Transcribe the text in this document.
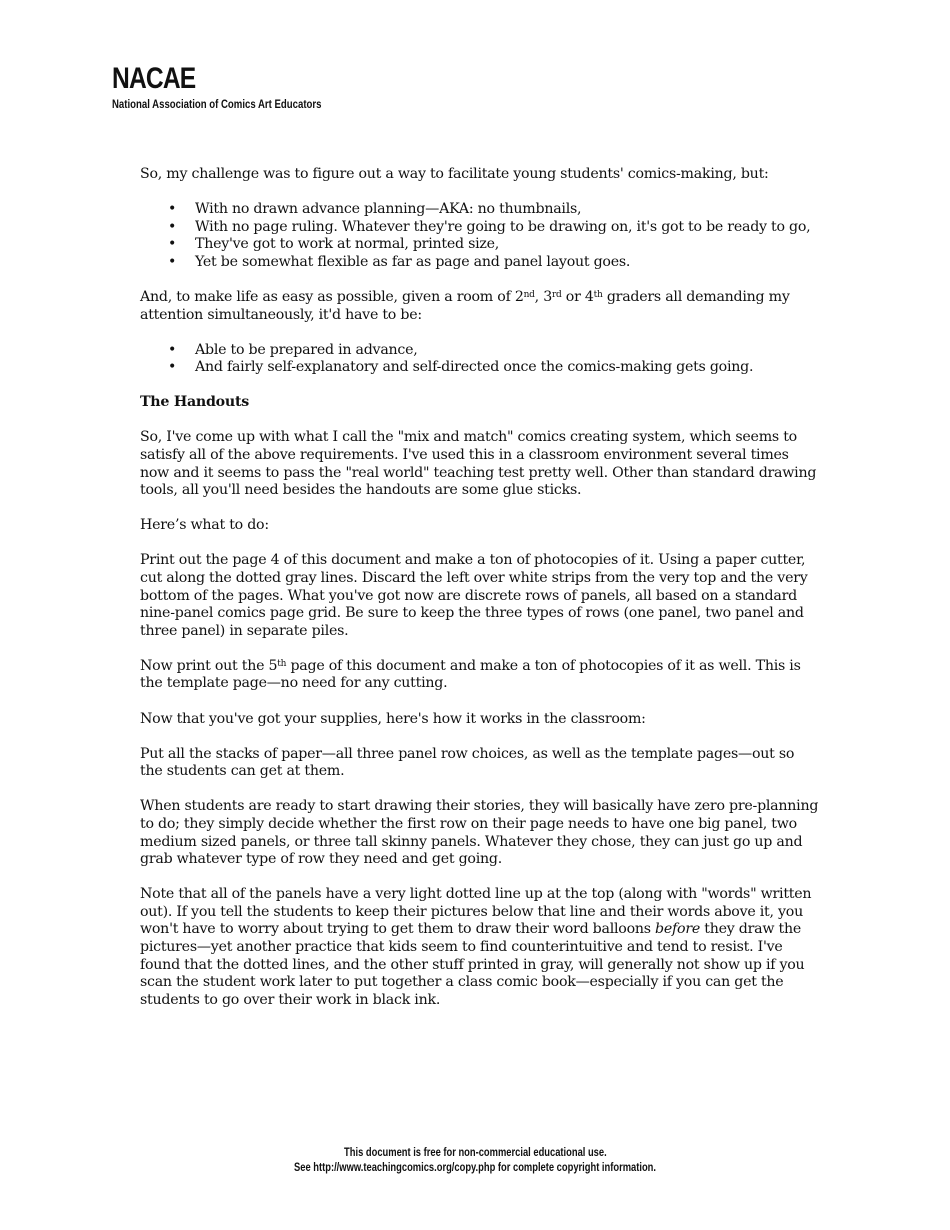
NACAE
National Association of Comics Art Educators

So, my challenge was to figure out a way to facilitate young students' comics-making, but:

• With no drawn advance planning—AKA: no thumbnails,
• With no page ruling. Whatever they're going to be drawing on, it's got to be ready to go,
• They've got to work at normal, printed size,
• Yet be somewhat flexible as far as page and panel layout goes.

And, to make life as easy as possible, given a room of 2nd, 3rd or 4th graders all demanding my attention simultaneously, it'd have to be:

• Able to be prepared in advance,
• And fairly self-explanatory and self-directed once the comics-making gets going.
The Handouts

So, I've come up with what I call the "mix and match" comics creating system, which seems to satisfy all of the above requirements. I've used this in a classroom environment several times now and it seems to pass the "real world" teaching test pretty well. Other than standard drawing tools, all you'll need besides the handouts are some glue sticks.

Here’s what to do:

Print out the page 4 of this document and make a ton of photocopies of it. Using a paper cutter, cut along the dotted gray lines. Discard the left over white strips from the very top and the very bottom of the pages. What you've got now are discrete rows of panels, all based on a standard nine-panel comics page grid. Be sure to keep the three types of rows (one panel, two panel and three panel) in separate piles.

Now print out the 5th page of this document and make a ton of photocopies of it as well. This is the template page—no need for any cutting.

Now that you've got your supplies, here's how it works in the classroom:

Put all the stacks of paper—all three panel row choices, as well as the template pages—out so the students can get at them.

When students are ready to start drawing their stories, they will basically have zero pre-planning to do; they simply decide whether the first row on their page needs to have one big panel, two medium sized panels, or three tall skinny panels. Whatever they chose, they can just go up and grab whatever type of row they need and get going.

Note that all of the panels have a very light dotted line up at the top (along with "words" written out). If you tell the students to keep their pictures below that line and their words above it, you won't have to worry about trying to get them to draw their word balloons before they draw the pictures—yet another practice that kids seem to find counterintuitive and tend to resist. I've found that the dotted lines, and the other stuff printed in gray, will generally not show up if you scan the student work later to put together a class comic book—especially if you can get the students to go over their work in black ink.

This document is free for non-commercial educational use.
See http://www.teachingcomics.org/copy.php for complete copyright information.
